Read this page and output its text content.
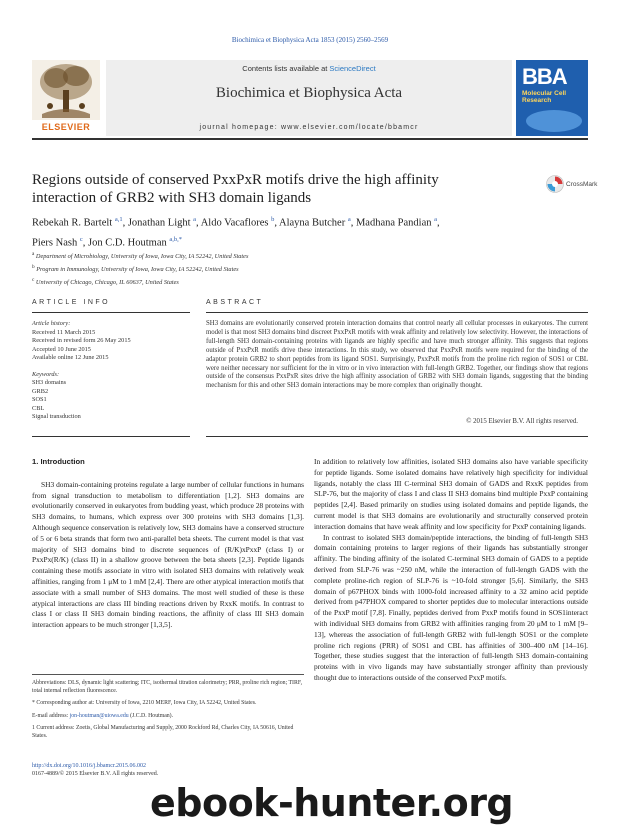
Biochimica et Biophysica Acta 1853 (2015) 2560–2569
ELSEVIER
Contents lists available at ScienceDirect
Biochimica et Biophysica Acta
journal homepage: www.elsevier.com/locate/bbamcr
BBA
Molecular Cell Research
Regions outside of conserved PxxPxR motifs drive the high affinity interaction of GRB2 with SH3 domain ligands
CrossMark
Rebekah R. Bartelt $^{a,1}$, Jonathan Light $^a$, Aldo Vacaflores $^b$, Alayna Butcher $^a$, Madhana Pandian $^a$,
Piers Nash $^c$, Jon C.D. Houtman $^{a,b,*}$
$^a$ Department of Microbiology, University of Iowa, Iowa City, IA 52242, United States
$^b$ Program in Immunology, University of Iowa, Iowa City, IA 52242, United States
$^c$ University of Chicago, Chicago, IL 60637, United States
ARTICLE INFO	ABSTRACT
Article history:
Received 11 March 2015
Received in revised form 26 May 2015
Accepted 10 June 2015
Available online 12 June 2015
Keywords:
SH3 domains
GRB2
SOS1
CBL
Signal transduction
SH3 domains are evolutionarily conserved protein interaction domains that control nearly all cellular processes in eukaryotes. The current model is that most SH3 domains bind discreet PxxPxR motifs with weak affinity and relatively low selectivity. However, the interactions of full-length SH3 domain-containing proteins with ligands are highly specific and have much stronger affinity. This suggests that regions outside of PxxPxR motifs drive these interactions. In this study, we observed that PxxPxR motifs were required for the binding of the adaptor protein GRB2 to short peptides from its ligand SOS1. Surprisingly, PxxPxR motifs from the proline rich region of SOS1 or CBL were neither necessary nor sufficient for the in vitro or in vivo interaction with full-length GRB2. Together, our findings show that regions outside of the consensus PxxPxR sites drive the high affinity association of GRB2 with SH3 domain ligands, suggesting that the binding mechanism for this and other SH3 domain interactions may be more complex than originally thought.
© 2015 Elsevier B.V. All rights reserved.
1. Introduction

SH3 domain-containing proteins regulate a large number of cellular functions in humans from signal transduction to metabolism to differentiation [1,2]. SH3 domains are evolutionarily conserved in eukaryotes from budding yeast, which produce 28 proteins with SH3 domains, to humans, which express over 300 proteins with SH3 domains [1,3]. Although sequence conservation is relatively low, SH3 domains have a conserved structure of 5 or 6 beta strands that form two anti-parallel beta sheets. The current model is that vast majority of SH3 domains bind to discrete sequences of (R/K)xPxxP (class I) or PxxPx(R/K) (class II) in a shallow groove between the beta sheets [2,3]. Peptide ligands containing these motifs associate in vitro with isolated SH3 domains with relatively weak affinities, ranging from 1 μM to 1 mM [2,4]. There are other atypical interaction motifs that associate with a small number of SH3 domains. The most well studied of these is these atypical interactions are class III binding reactions driven by RxxK motifs. In contrast to class I or class II SH3 domain binding reactions, the affinity of class III SH3 domain interaction appears to be much stronger [1,3,5].

In addition to relatively low affinities, isolated SH3 domains also have variable specificity for peptide ligands. Some isolated domains have relatively high specificity for individual ligands, notably the class III C-terminal SH3 domain of GADS and RxxK peptides from SLP-76, but the majority of class I and class II SH3 domains bind multiple PxxP containing peptides [2,4]. Based primarily on studies using isolated domains and peptide ligands, the current model is that SH3 domains are evolutionarily and structurally conserved protein interaction domains that have weak affinity and low specificity for PxxP containing ligands.

In contrast to isolated SH3 domain/peptide interactions, the binding of full-length SH3 domain containing proteins to larger regions of their ligands has substantially stronger affinity. The binding affinity of the isolated C-terminal SH3 domain of GADS to a peptide derived from SLP-76 was ~250 nM, while the interaction of full-length GADS with the complete proline-rich region of SLP-76 is ~10-fold stronger [5,6]. Similarly, the SH3 domain of p67PHOX binds with 1000-fold increased affinity to a 32 amino acid peptide derived from p47PHOX compared to shorter peptides due to molecular interactions outside of the PxxP motif [7,8]. Finally, peptides derived from PxxP motifs found in SOS1interact with individual SH3 domains from GRB2 with affinities ranging from 20 μM to 1 mM [9–13], whereas the association of full-length GRB2 with full-length SOS1 or the complete proline rich regions (PRR) of SOS1 and CBL has affinities of 300–400 nM [14–16]. Together, these studies suggest that the interaction of full-length SH3 domain-containing proteins with in vivo ligands may have substantially stronger affinity than previously thought due to interactions outside of the conserved PxxP motifs.

Abbreviations: DLS, dynamic light scattering; ITC, isothermal titration calorimetry; PRR, proline rich region; TIRF, total internal reflection fluorescence.
* Corresponding author at: University of Iowa, 2210 MERF, Iowa City, IA 52242, United States.
E-mail address: jon-houtman@uiowa.edu (J.C.D. Houtman).
1 Current address: Zoetis, Global Manufacturing and Supply, 2000 Rockford Rd, Charles City, IA 50616, United States.
http://dx.doi.org/10.1016/j.bbamcr.2015.06.002
0167-4889/© 2015 Elsevier B.V. All rights reserved.
ebook-hunter.org
